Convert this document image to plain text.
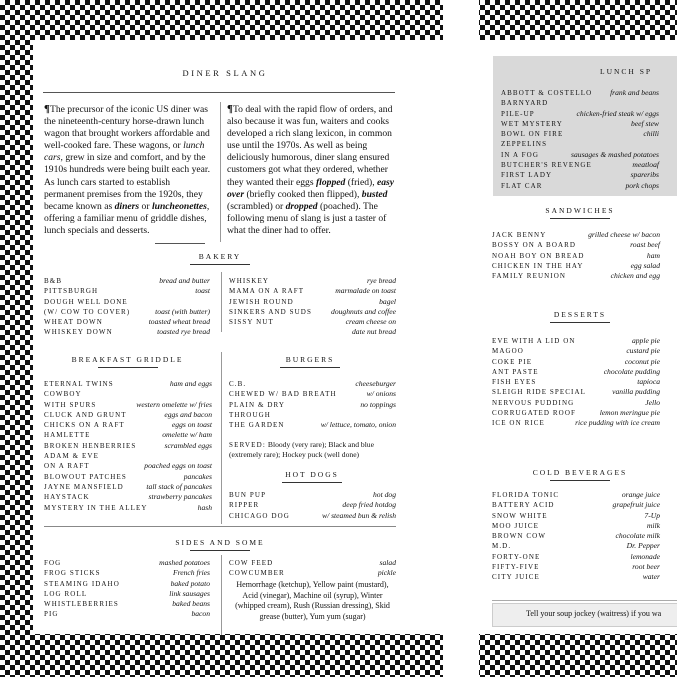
DINER SLANG
¶The precursor of the iconic US diner was the nineteenth-century horse-drawn lunch wagon that brought workers affordable and well-cooked fare. These wagons, or lunch cars, grew in size and comfort, and by the 1910s hundreds were being built each year. As lunch cars started to establish permanent premises from the 1920s, they became known as diners or luncheonettes, offering a familiar menu of griddle dishes, lunch specials and desserts.
¶To deal with the rapid flow of orders, and also because it was fun, waiters and cooks developed a rich slang lexicon, in common use until the 1970s. As well as being deliciously humorous, diner slang ensured customers got what they ordered, whether they wanted their eggs flopped (fried), easy over (briefly cooked then flipped), busted (scrambled) or dropped (poached). The following menu of slang is just a taster of what the diner had to offer.
BAKERY
B&B	bread and butter
PITTSBURGH	toast
DOUGH WELL DONE
(W/ COW TO COVER)	toast (with butter)
WHEAT DOWN	toasted wheat bread
WHISKEY DOWN	toasted rye bread
WHISKEY	rye bread
MAMA ON A RAFT	marmalade on toast
JEWISH ROUND	bagel
SINKERS AND SUDS	doughnuts and coffee
SISSY NUT	cream cheese on
date nut bread
BREAKFAST GRIDDLE
ETERNAL TWINS	ham and eggs
COWBOY
WITH SPURS	western omelette w/ fries
CLUCK AND GRUNT	eggs and bacon
CHICKS ON A RAFT	eggs on toast
HAMLETTE	omelette w/ ham
BROKEN HENBERRIES	scrambled eggs
ADAM & EVE
ON A RAFT	poached eggs on toast
BLOWOUT PATCHES	pancakes
JAYNE MANSFIELD	tall stack of pancakes
HAYSTACK	strawberry pancakes
MYSTERY IN THE ALLEY	hash
BURGERS
C.B.	cheeseburger
CHEWED W/ BAD BREATH	w/ onions
PLAIN & DRY	no toppings
THROUGH
THE GARDEN	w/ lettuce, tomato, onion
SERVED: Bloody (very rare); Black and blue (extremely rare); Hockey puck (well done)
HOT DOGS
BUN PUP	hot dog
RIPPER	deep fried hotdog
CHICAGO DOG	w/ steamed bun & relish
SIDES AND SOME
FOG	mashed potatoes
FROG STICKS	French fries
STEAMING IDAHO	baked potato
LOG ROLL	link sausages
WHISTLEBERRIES	baked beans
PIG	bacon
COW FEED	salad
COWCUMBER	pickle
Hemorrhage (ketchup), Yellow paint (mustard), Acid (vinegar), Machine oil (syrup), Winter (whipped cream), Rush (Russian dressing), Skid grease (butter), Yum yum (sugar)
LUNCH SP
ABBOTT & COSTELLO frank and beans
BARNYARD
PILE-UP	chicken-fried steak w/ eggs
WET MYSTERY	beef stew
BOWL ON FIRE	chilli
ZEPPELINS
IN A FOG	sausages & mashed potatoes
BUTCHER'S REVENGE	meatloaf
FIRST LADY	spareribs
FLAT CAR	pork chops
SANDWICHES
JACK BENNY	grilled cheese w/ bacon
BOSSY ON A BOARD	roast beef
NOAH BOY ON BREAD	ham
CHICKEN IN THE HAY	egg salad
FAMILY REUNION	chicken and egg
DESSERTS
EVE WITH A LID ON	apple pie
MAGOO	custard pie
COKE PIE	coconut pie
ANT PASTE	chocolate pudding
FISH EYES	tapioca
SLEIGH RIDE SPECIAL	vanilla pudding
NERVOUS PUDDING	Jello
CORRUGATED ROOF	lemon meringue pie
ICE ON RICE	rice pudding with ice cream
COLD BEVERAGES
FLORIDA TONIC	orange juice
BATTERY ACID	grapefruit juice
SNOW WHITE	7-Up
MOO JUICE	milk
BROWN COW	chocolate milk
M.D.	Dr. Pepper
FORTY-ONE	lemonade
FIFTY-FIVE	root beer
CITY JUICE	water
Tell your soup jockey (waitress) if you wa
